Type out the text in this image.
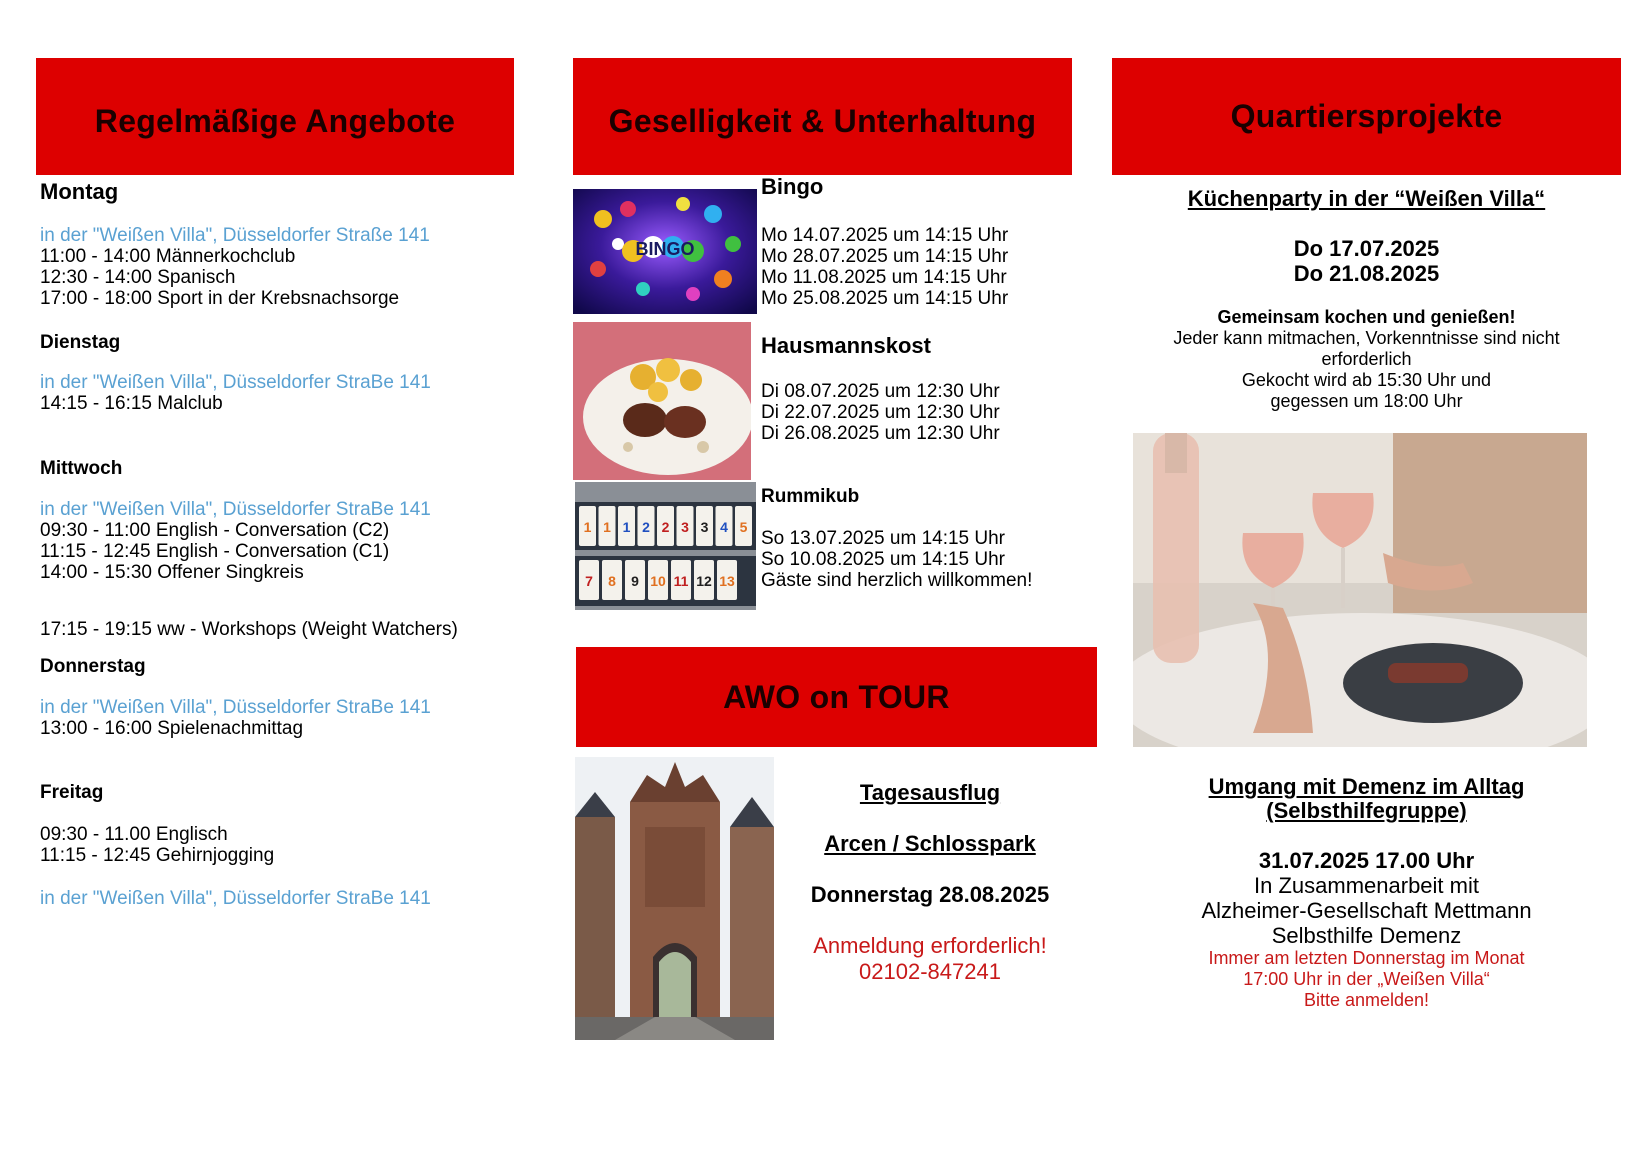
Regelmäßige Angebote
Montag
in der "Weißen Villa", Düsseldorfer Straße 141
11:00 - 14:00 Männerkochclub
12:30 - 14:00 Spanisch
17:00 - 18:00 Sport in der Krebsnachsorge
Dienstag
in der "Weißen Villa", Düsseldorfer StraBe 141
14:15 - 16:15 Malclub
Mittwoch
in der "Weißen Villa", Düsseldorfer StraBe 141
09:30 - 11:00 English - Conversation (C2)
11:15 - 12:45 English - Conversation (C1)
14:00 - 15:30 Offener Singkreis
17:15 - 19:15 ww - Workshops (Weight Watchers)
Donnerstag
in der "Weißen Villa", Düsseldorfer StraBe 141
13:00 - 16:00 Spielenachmittag
Freitag
09:30 - 11.00 Englisch
11:15 - 12:45 Gehirnjogging
in der "Weißen Villa", Düsseldorfer StraBe 141
Geselligkeit & Unterhaltung
BINGO
Bingo
Mo 14.07.2025 um 14:15 Uhr
Mo 28.07.2025 um 14:15 Uhr
Mo 11.08.2025 um 14:15 Uhr
Mo 25.08.2025 um 14:15 Uhr
Hausmannskost
Di 08.07.2025 um 12:30 Uhr
Di 22.07.2025 um 12:30 Uhr
Di 26.08.2025 um 12:30 Uhr
1 1 1 2 2 3 3 4 5
7 8 9 10 11 12 13
Rummikub
So 13.07.2025 um 14:15 Uhr
So 10.08.2025 um 14:15 Uhr
Gäste sind herzlich willkommen!
AWO on TOUR
Tagesausflug
Arcen / Schlosspark
Donnerstag 28.08.2025
Anmeldung erforderlich!
02102-847241
Quartiersprojekte
Küchenparty in der “Weißen Villa“
Do 17.07.2025
Do 21.08.2025
Gemeinsam kochen und genießen!
Jeder kann mitmachen, Vorkenntnisse sind nicht
erforderlich
Gekocht wird ab 15:30 Uhr und
gegessen um 18:00 Uhr
Umgang mit Demenz im Alltag
(Selbsthilfegruppe)
31.07.2025 17.00 Uhr
In Zusammenarbeit mit
Alzheimer-Gesellschaft Mettmann
Selbsthilfe Demenz
Immer am letzten Donnerstag im Monat
17:00 Uhr in der „Weißen Villa“
Bitte anmelden!
